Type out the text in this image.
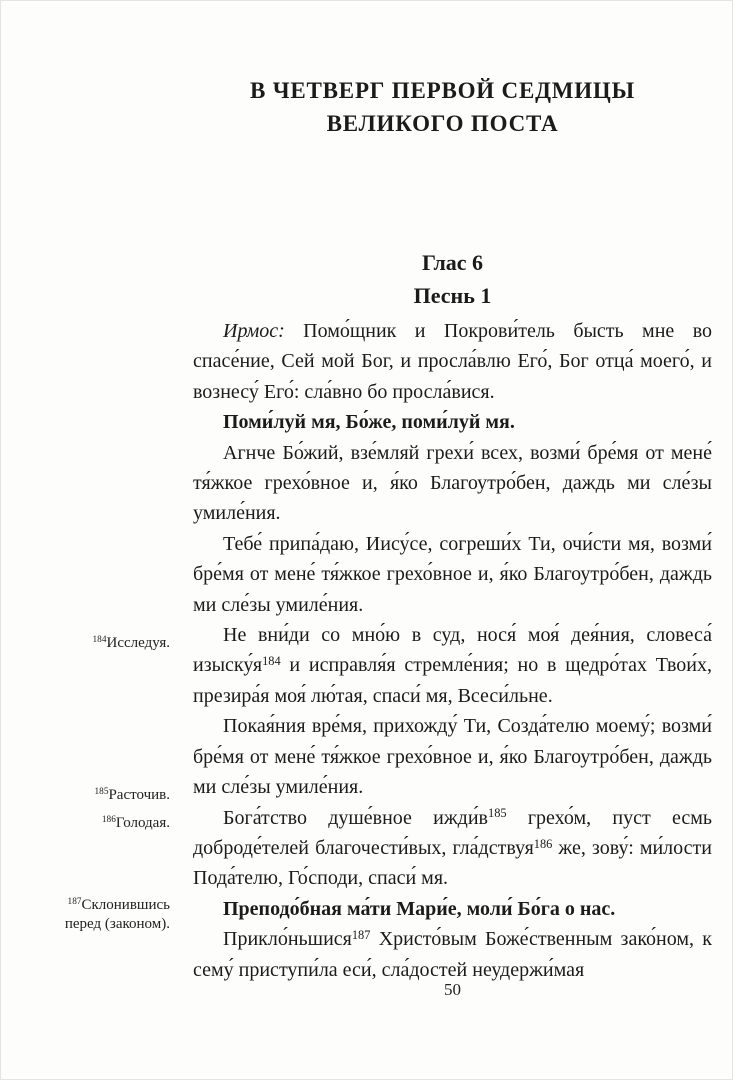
В ЧЕТВЕРГ ПЕРВОЙ СЕДМИЦЫ
ВЕЛИКОГО ПОСТА
Глас 6
Песнь 1

Ирмос: Помо́щник и Покрови́тель бысть мне во спасе́ние, Сей мой Бог, и просла́влю Его́, Бог отца́ моего́, и вознесу́ Его́: сла́вно бо просла́вися.

Поми́луй мя, Бо́же, поми́луй мя.

Агнче Бо́жий, взе́мляй грехи́ всех, возми́ бре́мя от мене́ тя́жкое грехо́вное и, я́ко Благоутро́бен, даждь ми сле́зы умиле́ния.

Тебе́ припа́даю, Иису́се, согреши́х Ти, очи́сти мя, возми́ бре́мя от мене́ тя́жкое грехо́вное и, я́ко Благоутро́бен, даждь ми сле́зы умиле́ния.

Не вни́ди со мно́ю в суд, нося́ моя́ дея́ния, словеса́ $изыску́я^{184}$ и исправля́я стремле́ния; но в щедро́тах Твои́х, презира́я моя́ лю́тая, спаси́ мя, Всеси́льне.

Покая́ния вре́мя, прихожду́ Ти, Созда́телю моему́; возми́ бре́мя от мене́ тя́жкое грехо́вное и, я́ко Благоутро́бен, даждь ми сле́зы умиле́ния.

Бога́тство душе́вное $ижди́в^{185}$ грехо́м, пуст есмь доброде́телей благочести́вых, гла́дствуя$^{186}$ же, зову́: ми́лости Пода́телю, Го́споди, спаси́ мя.

Преподо́бная ма́ти Мари́е, моли́ Бо́га о нас.

Прикло́ньшися$^{187}$ Христо́вым Боже́ственным зако́ном, к сему́ приступи́ла еси́, сла́достей неудержи́мая

$^{184}$Исследуя.
$^{185}$Расточив.
$^{186}$Голодая.
$^{187}$Склонившись перед (законом).
50
